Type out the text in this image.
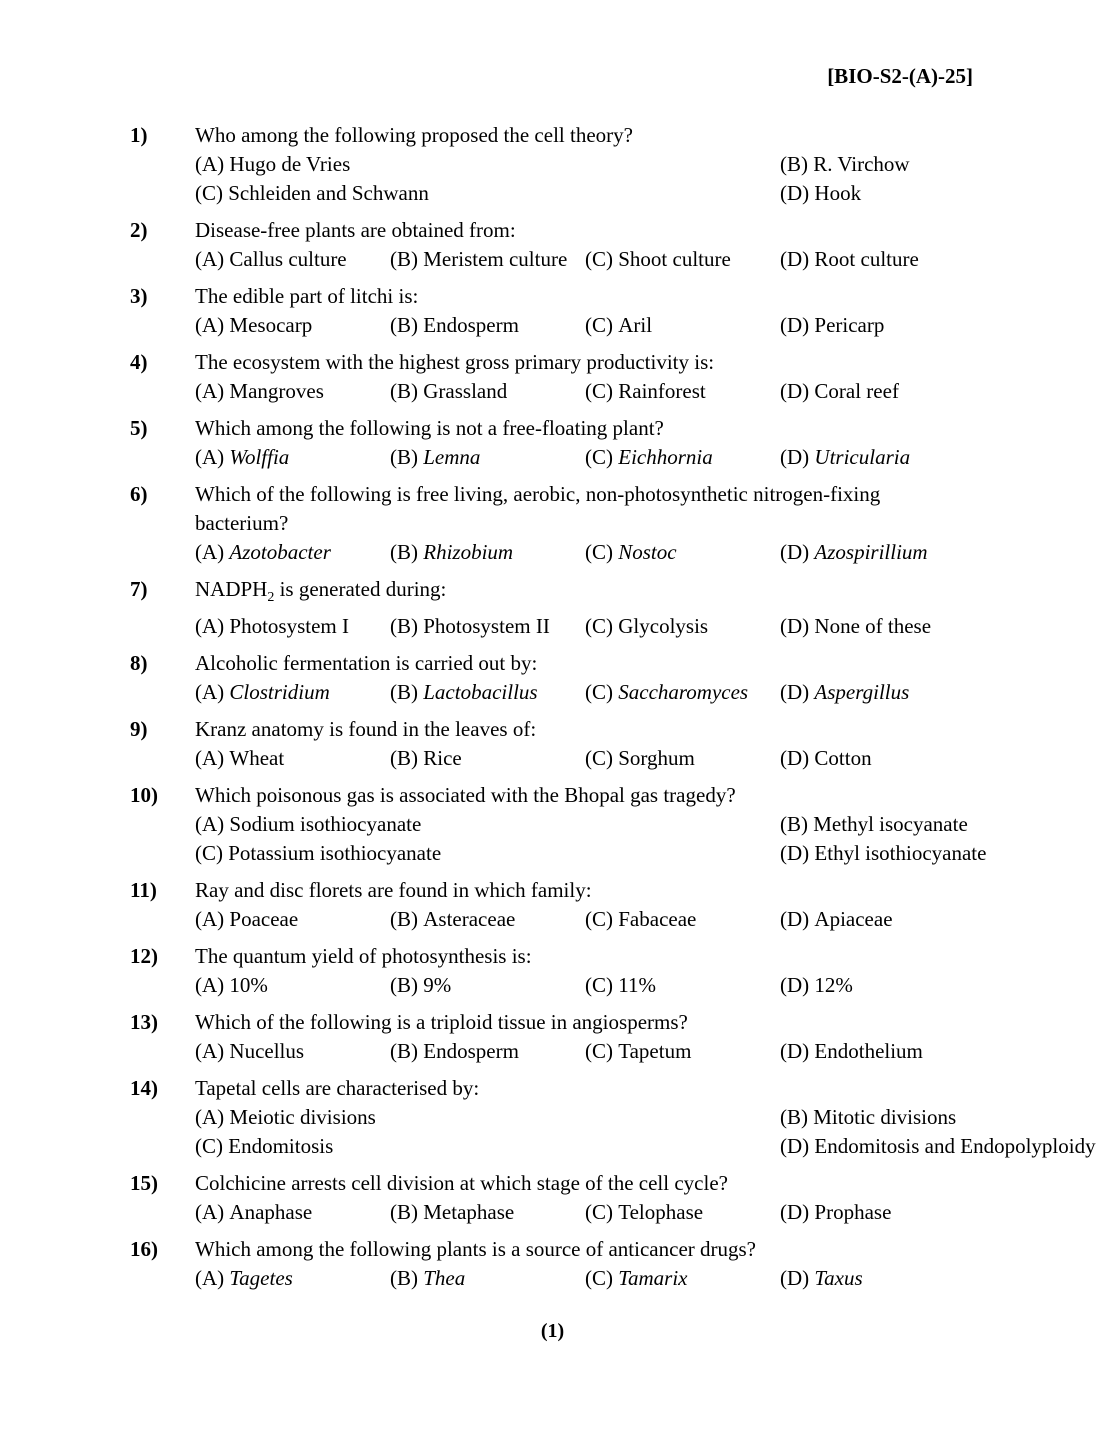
[BIO-S2-(A)-25]
1) Who among the following proposed the cell theory?
(A) Hugo de Vries	(B) R. Virchow
(C) Schleiden and Schwann	(D) Hook
2) Disease-free plants are obtained from:
(A) Callus culture (B) Meristem culture (C) Shoot culture (D) Root culture
3) The edible part of litchi is:
(A) Mesocarp	(B) Endosperm	(C) Aril	(D) Pericarp
4) The ecosystem with the highest gross primary productivity is:
(A) Mangroves	(B) Grassland	(C) Rainforest	(D) Coral reef
5) Which among the following is not a free-floating plant?
(A) Wolffia	(B) Lemna	(C) Eichhornia	(D) Utricularia
6) Which of the following is free living, aerobic, non-photosynthetic nitrogen-fixing bacterium?
(A) Azotobacter	(B) Rhizobium	(C) Nostoc	(D) Azospirillium
7) $NADPH_2$ is generated during:
(A) Photosystem I (B) Photosystem II (C) Glycolysis	(D) None of these
8) Alcoholic fermentation is carried out by:
(A) Clostridium	(B) Lactobacillus (C) Saccharomyces (D) Aspergillus
9) Kranz anatomy is found in the leaves of:
(A) Wheat	(B) Rice	(C) Sorghum	(D) Cotton
10) Which poisonous gas is associated with the Bhopal gas tragedy?
(A) Sodium isothiocyanate	(B) Methyl isocyanate
(C) Potassium isothiocyanate	(D) Ethyl isothiocyanate
11) Ray and disc florets are found in which family:
(A) Poaceae	(B) Asteraceae	(C) Fabaceae	(D) Apiaceae
12) The quantum yield of photosynthesis is:
(A) 10%	(B) 9%	(C) 11%	(D) 12%
13) Which of the following is a triploid tissue in angiosperms?
(A) Nucellus	(B) Endosperm	(C) Tapetum	(D) Endothelium
14) Tapetal cells are characterised by:
(A) Meiotic divisions	(B) Mitotic divisions
(C) Endomitosis	(D) Endomitosis and Endopolyploidy
15) Colchicine arrests cell division at which stage of the cell cycle?
(A) Anaphase	(B) Metaphase	(C) Telophase	(D) Prophase
16) Which among the following plants is a source of anticancer drugs?
(A) Tagetes	(B) Thea	(C) Tamarix	(D) Taxus
(1)
